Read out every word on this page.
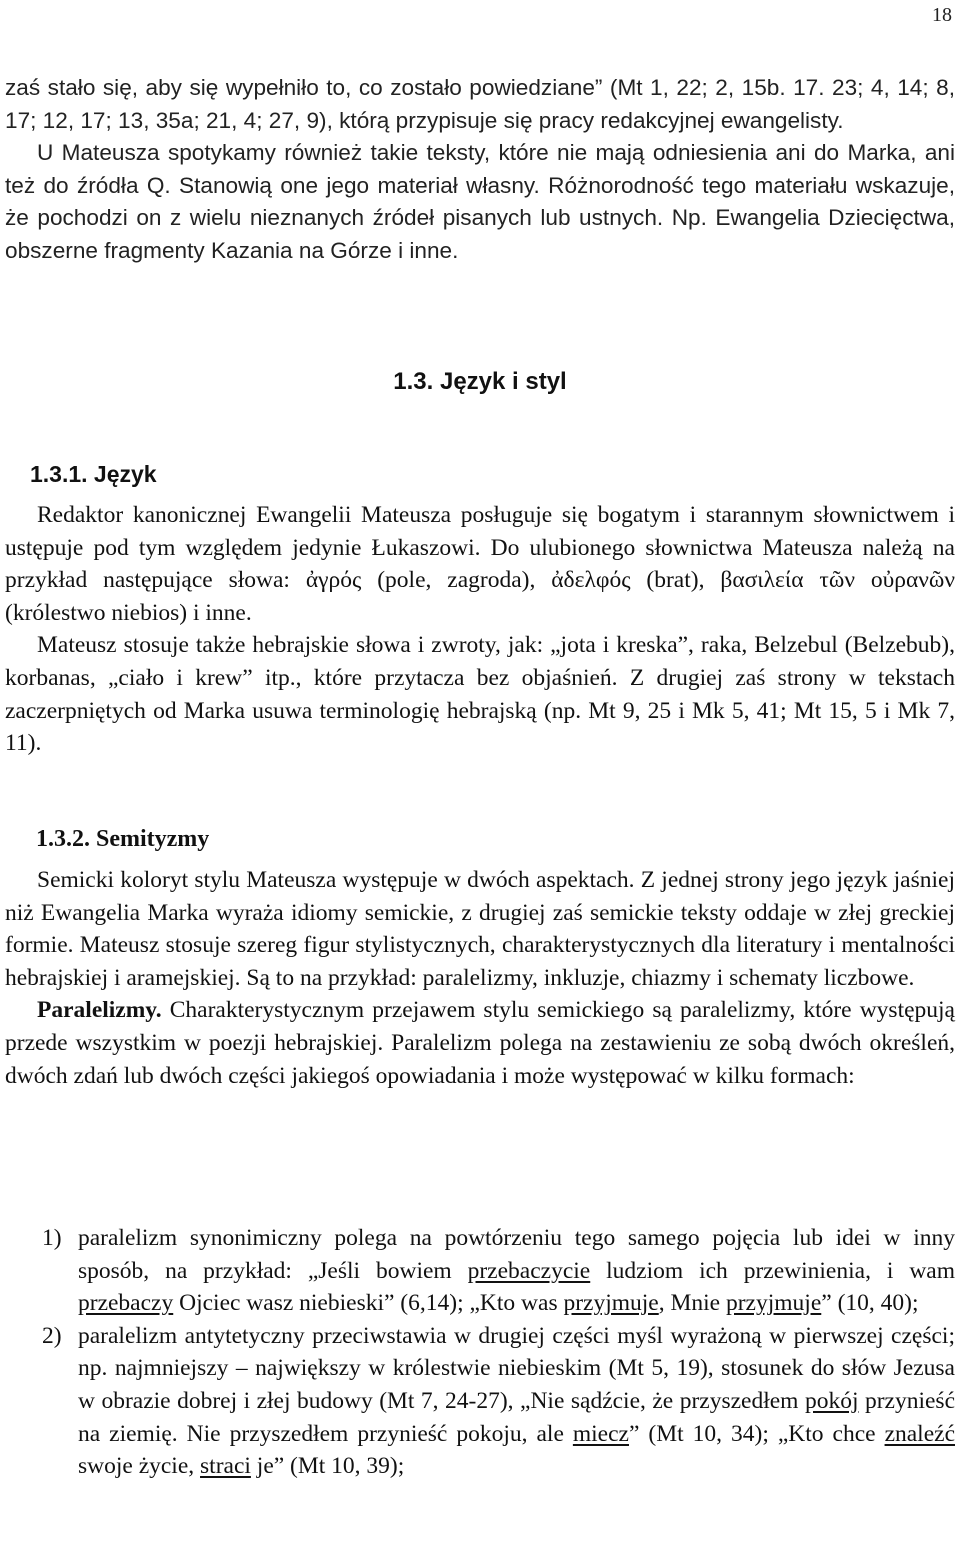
18

zaś stało się, aby się wypełniło to, co zostało powiedziane” (Mt 1, 22; 2, 15b. 17. 23; 4, 14; 8, 17; 12, 17; 13, 35a; 21, 4; 27, 9), którą przypisuje się pracy redakcyjnej ewangelisty.

U Mateusza spotykamy również takie teksty, które nie mają odniesienia ani do Marka, ani też do źródła Q. Stanowią one jego materiał własny. Różnorodność tego materiału wskazuje, że pochodzi on z wielu nieznanych źródeł pisanych lub ustnych. Np. Ewangelia Dziecięctwa, obszerne fragmenty Kazania na Górze i inne.

1.3. Język i styl
1.3.1. Język

Redaktor kanonicznej Ewangelii Mateusza posługuje się bogatym i starannym słownictwem i ustępuje pod tym względem jedynie Łukaszowi. Do ulubionego słownictwa Mateusza należą na przykład następujące słowa: ἀγρός (pole, zagroda), ἀδελφός (brat), βασιλεία τῶν οὐρανῶν (królestwo niebios) i inne.

Mateusz stosuje także hebrajskie słowa i zwroty, jak: „jota i kreska”, raka, Belzebul (Belzebub), korbanas, „ciało i krew” itp., które przytacza bez objaśnień. Z drugiej zaś strony w tekstach zaczerpniętych od Marka usuwa terminologię hebrajską (np. Mt 9, 25 i Mk 5, 41; Mt 15, 5 i Mk 7, 11).

1.3.2. Semityzmy

Semicki koloryt stylu Mateusza występuje w dwóch aspektach. Z jednej strony jego język jaśniej niż Ewangelia Marka wyraża idiomy semickie, z drugiej zaś semickie teksty oddaje w złej greckiej formie. Mateusz stosuje szereg figur stylistycznych, charakterystycznych dla literatury i mentalności hebrajskiej i aramejskiej. Są to na przykład: paralelizmy, inkluzje, chiazmy i schematy liczbowe.

Paralelizmy. Charakterystycznym przejawem stylu semickiego są paralelizmy, które występują przede wszystkim w poezji hebrajskiej. Paralelizm polega na zestawieniu ze sobą dwóch określeń, dwóch zdań lub dwóch części jakiegoś opowiadania i może występować w kilku formach:

1) paralelizm synonimiczny polega na powtórzeniu tego samego pojęcia lub idei w inny sposób, na przykład: „Jeśli bowiem przebaczycie ludziom ich przewinienia, i wam przebaczy Ojciec wasz niebieski” (6,14); „Kto was przyjmuje, Mnie przyjmuje” (10, 40);
2) paralelizm antytetyczny przeciwstawia w drugiej części myśl wyrażoną w pierwszej części; np. najmniejszy – największy w królestwie niebieskim (Mt 5, 19), stosunek do słów Jezusa w obrazie dobrej i złej budowy (Mt 7, 24-27), „Nie sądźcie, że przyszedłem pokój przynieść na ziemię. Nie przyszedłem przynieść pokoju, ale miecz” (Mt 10, 34); „Kto chce znaleźć swoje życie, straci je” (Mt 10, 39);
